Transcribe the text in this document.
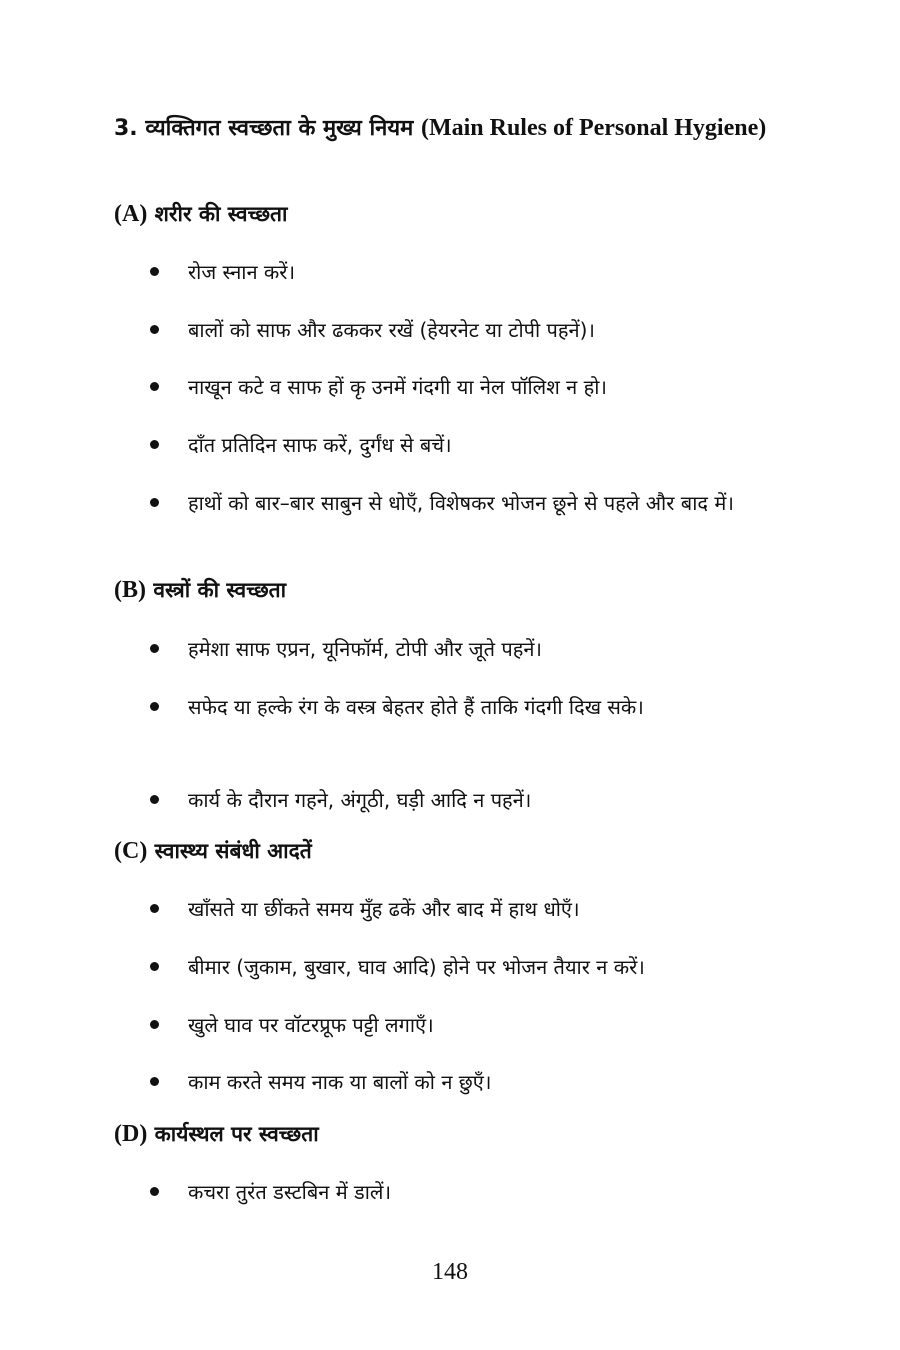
3. व्यक्तिगत स्वच्छता के मुख्य नियम (Main Rules of Personal Hygiene)
(A) शरीर की स्वच्छता
रोज स्नान करें।
बालों को साफ और ढककर रखें (हेयरनेट या टोपी पहनें)।
नाखून कटे व साफ हों कृ उनमें गंदगी या नेल पॉलिश न हो।
दाँत प्रतिदिन साफ करें, दुर्गंध से बचें।
हाथों को बार–बार साबुन से धोएँ, विशेषकर भोजन छूने से पहले और बाद में।
(B) वस्त्रों की स्वच्छता
हमेशा साफ एप्रन, यूनिफॉर्म, टोपी और जूते पहनें।
सफेद या हल्के रंग के वस्त्र बेहतर होते हैं ताकि गंदगी दिख सके।
कार्य के दौरान गहने, अंगूठी, घड़ी आदि न पहनें।
(C) स्वास्थ्य संबंधी आदतें
खाँसते या छींकते समय मुँह ढकें और बाद में हाथ धोएँ।
बीमार (जुकाम, बुखार, घाव आदि) होने पर भोजन तैयार न करें।
खुले घाव पर वॉटरप्रूफ पट्टी लगाएँ।
काम करते समय नाक या बालों को न छुएँ।
(D) कार्यस्थल पर स्वच्छता
कचरा तुरंत डस्टबिन में डालें।
148
